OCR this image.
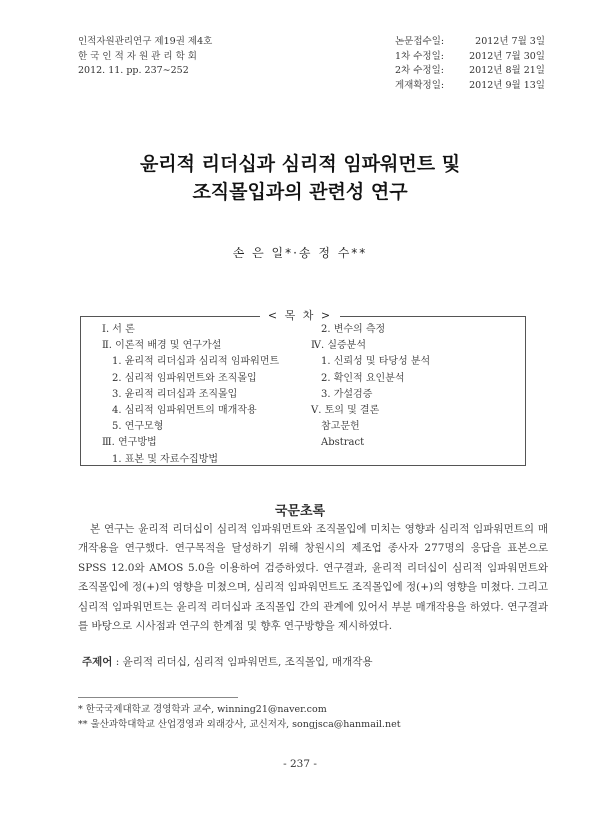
인적자원관리연구 제19권 제4호
한 국 인 적 자 원 관 리 학 회
2012. 11. pp. 237∼252
논문접수일:	2012년 7월 3일
1차 수정일:	2012년 7월 30일
2차 수정일:	2012년 8월 21일
게재확정일:	2012년 9월 13일
윤리적 리더십과 심리적 임파워먼트 및
조직몰입과의 관련성 연구
손 은 일*·송 정 수**
< 목 차 >
Ⅰ. 서 론
Ⅱ. 이론적 배경 및 연구가설
1. 윤리적 리더십과 심리적 임파워먼트
2. 심리적 임파워먼트와 조직몰입
3. 윤리적 리더십과 조직몰입
4. 심리적 임파워먼트의 매개작용
5. 연구모형
Ⅲ. 연구방법
1. 표본 및 자료수집방법
2. 변수의 측정
Ⅳ. 실증분석
1. 신뢰성 및 타당성 분석
2. 확인적 요인분석
3. 가설검증
Ⅴ. 토의 및 결론
참고문헌
Abstract
국문초록
본 연구는 윤리적 리더십이 심리적 임파워먼트와 조직몰입에 미치는 영향과 심리적 임파워먼트의 매개작용을 연구했다. 연구목적을 달성하기 위해 창원시의 제조업 종사자 277명의 응답을 표본으로 SPSS 12.0와 AMOS 5.0을 이용하여 검증하였다. 연구결과, 윤리적 리더십이 심리적 임파워먼트와 조직몰입에 정(+)의 영향을 미쳤으며, 심리적 임파워먼트도 조직몰입에 정(+)의 영향을 미쳤다. 그리고 심리적 임파워먼트는 윤리적 리더십과 조직몰입 간의 관계에 있어서 부분 매개작용을 하였다. 연구결과를 바탕으로 시사점과 연구의 한계점 및 향후 연구방향을 제시하였다.
주제어 : 윤리적 리더십, 심리적 임파워먼트, 조직몰입, 매개작용
* 한국국제대학교 경영학과 교수, winning21@naver.com
** 울산과학대학교 산업경영과 외래강사, 교신저자, songjsca@hanmail.net
- 237 -
